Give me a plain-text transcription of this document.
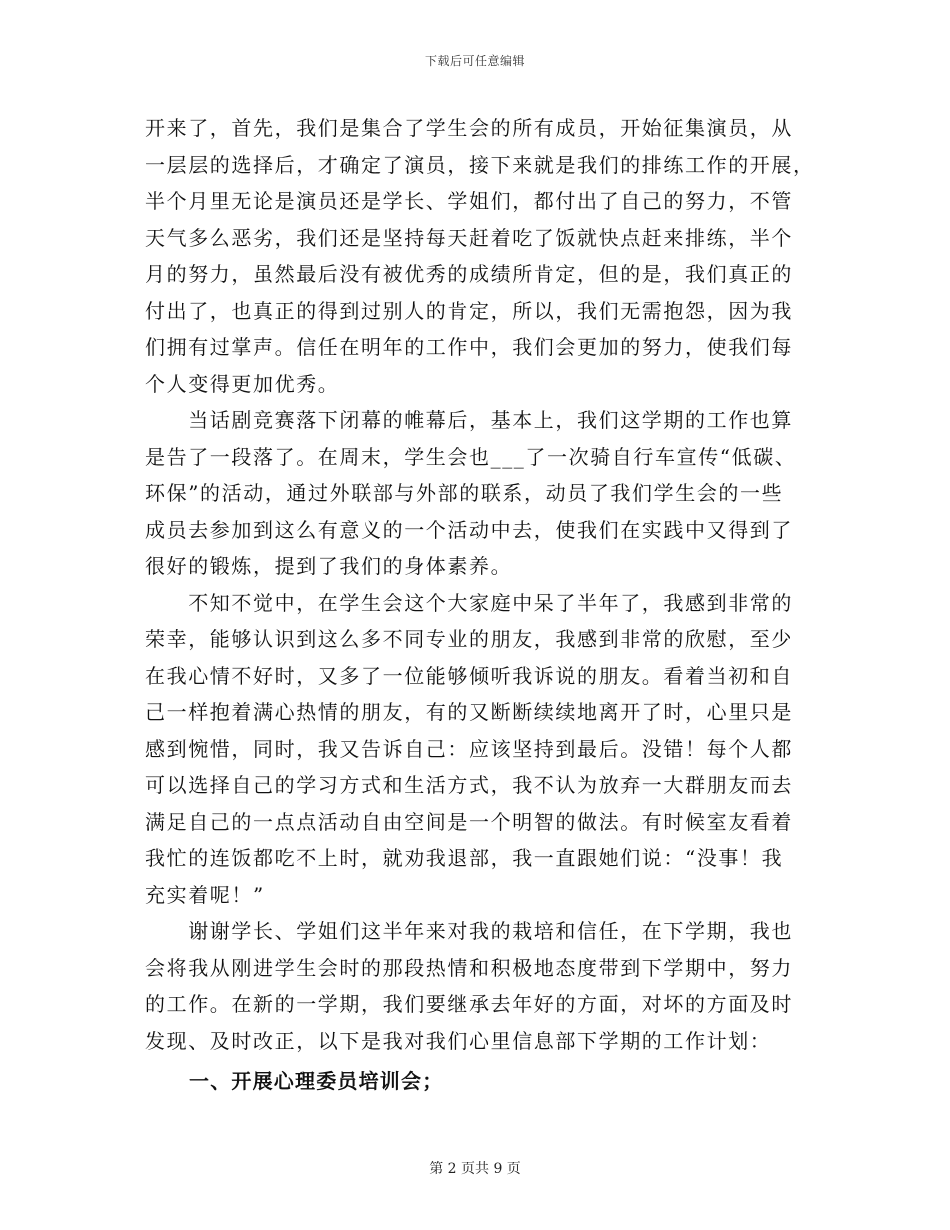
下载后可任意编辑
开来了，首先，我们是集合了学生会的所有成员，开始征集演员，从
一层层的选择后，才确定了演员，接下来就是我们的排练工作的开展，
半个月里无论是演员还是学长、学姐们，都付出了自己的努力，不管
天气多么恶劣，我们还是坚持每天赶着吃了饭就快点赶来排练，半个
月的努力，虽然最后没有被优秀的成绩所肯定，但的是，我们真正的
付出了，也真正的得到过别人的肯定，所以，我们无需抱怨，因为我
们拥有过掌声。信任在明年的工作中，我们会更加的努力，使我们每
个人变得更加优秀。
　　当话剧竞赛落下闭幕的帷幕后，基本上，我们这学期的工作也算
是告了一段落了。在周末，学生会也___了一次骑自行车宣传“低碳、
环保”的活动，通过外联部与外部的联系，动员了我们学生会的一些
成员去参加到这么有意义的一个活动中去，使我们在实践中又得到了
很好的锻炼，提到了我们的身体素养。
　　不知不觉中，在学生会这个大家庭中呆了半年了，我感到非常的
荣幸，能够认识到这么多不同专业的朋友，我感到非常的欣慰，至少
在我心情不好时，又多了一位能够倾听我诉说的朋友。看着当初和自
己一样抱着满心热情的朋友，有的又断断续续地离开了时，心里只是
感到惋惜，同时，我又告诉自己：应该坚持到最后。没错！每个人都
可以选择自己的学习方式和生活方式，我不认为放弃一大群朋友而去
满足自己的一点点活动自由空间是一个明智的做法。有时候室友看着
我忙的连饭都吃不上时，就劝我退部，我一直跟她们说：“没事！我
充实着呢！”
　　谢谢学长、学姐们这半年来对我的栽培和信任，在下学期，我也
会将我从刚进学生会时的那段热情和积极地态度带到下学期中，努力
的工作。在新的一学期，我们要继承去年好的方面，对坏的方面及时
发现、及时改正，以下是我对我们心里信息部下学期的工作计划：
一、开展心理委员培训会；
第 2 页共 9 页
